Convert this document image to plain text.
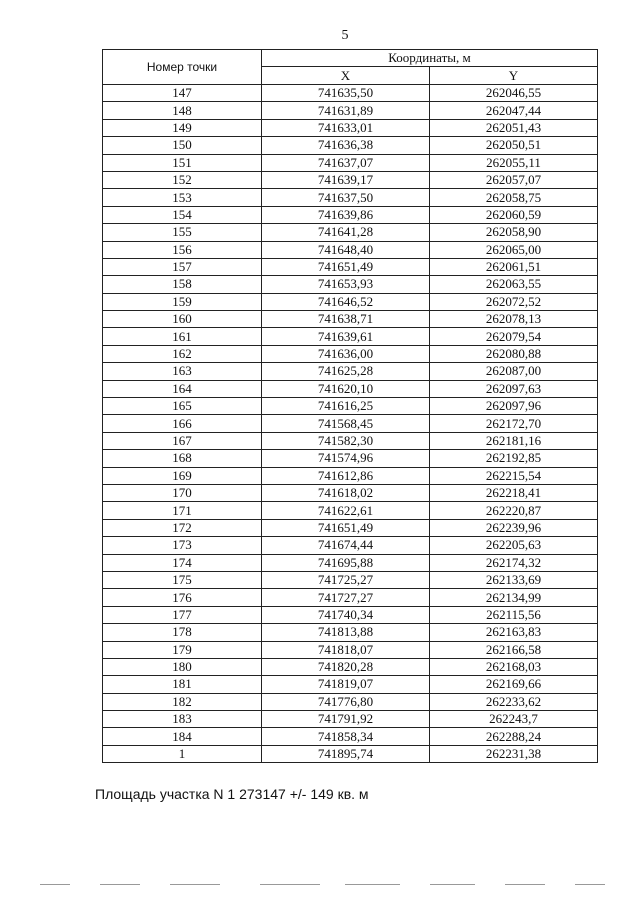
5
Номер точки	Координаты, м	
	X	Y
147	741635,50	262046,55
148	741631,89	262047,44
149	741633,01	262051,43
150	741636,38	262050,51
151	741637,07	262055,11
152	741639,17	262057,07
153	741637,50	262058,75
154	741639,86	262060,59
155	741641,28	262058,90
156	741648,40	262065,00
157	741651,49	262061,51
158	741653,93	262063,55
159	741646,52	262072,52
160	741638,71	262078,13
161	741639,61	262079,54
162	741636,00	262080,88
163	741625,28	262087,00
164	741620,10	262097,63
165	741616,25	262097,96
166	741568,45	262172,70
167	741582,30	262181,16
168	741574,96	262192,85
169	741612,86	262215,54
170	741618,02	262218,41
171	741622,61	262220,87
172	741651,49	262239,96
173	741674,44	262205,63
174	741695,88	262174,32
175	741725,27	262133,69
176	741727,27	262134,99
177	741740,34	262115,56
178	741813,88	262163,83
179	741818,07	262166,58
180	741820,28	262168,03
181	741819,07	262169,66
182	741776,80	262233,62
183	741791,92	262243,7
184	741858,34	262288,24
1	741895,74	262231,38
Площадь участка N 1 273147 +/- 149 кв. м
